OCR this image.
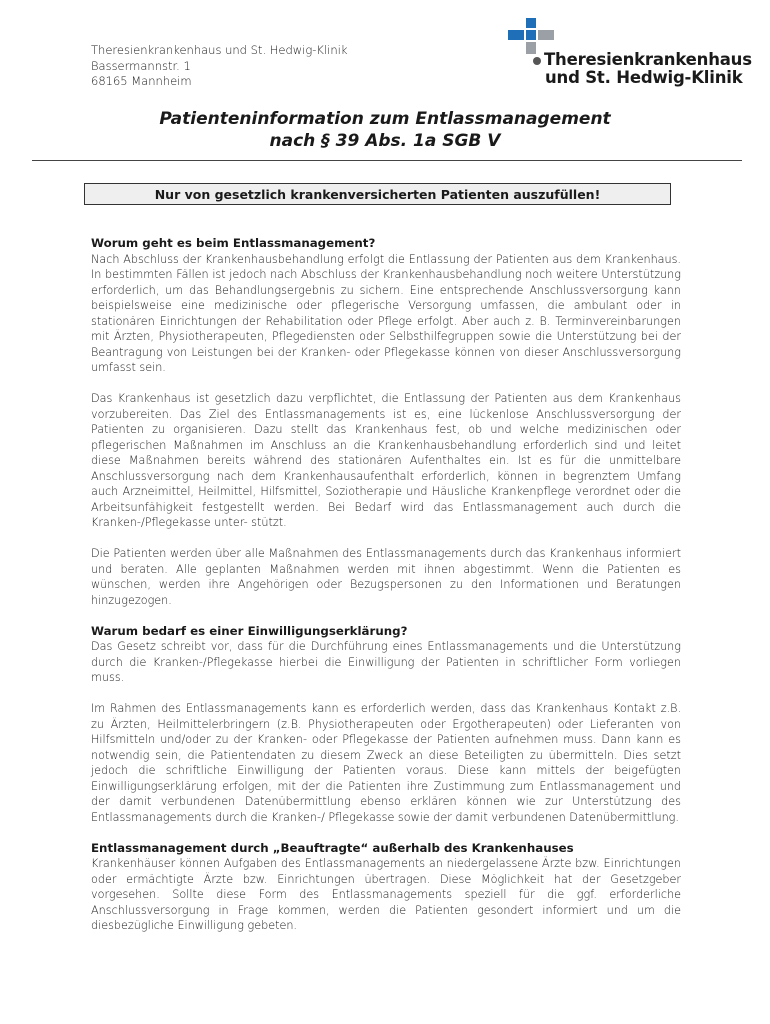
Theresienkrankenhaus und St. Hedwig-Klinik
Bassermannstr. 1
68165 Mannheim
Theresienkrankenhaus
und St. Hedwig-Klinik
Patienteninformation zum Entlassmanagement
nach § 39 Abs. 1a SGB V
Nur von gesetzlich krankenversicherten Patienten auszufüllen!
Worum geht es beim Entlassmanagement?

Nach Abschluss der Krankenhausbehandlung erfolgt die Entlassung der Patienten aus dem Krankenhaus. In bestimmten Fällen ist jedoch nach Abschluss der Krankenhausbehandlung noch weitere Unterstützung erforderlich, um das Behandlungsergebnis zu sichern. Eine entsprechende Anschlussversorgung kann beispielsweise eine medizinische oder pflegerische Versorgung umfassen, die ambulant oder in stationären Einrichtungen der Rehabilitation oder Pflege erfolgt. Aber auch z. B. Terminvereinbarungen mit Ärzten, Physiotherapeuten, Pflegediensten oder Selbsthilfegruppen sowie die Unterstützung bei der Beantragung von Leistungen bei der Kranken- oder Pflegekasse können von dieser Anschlussversorgung umfasst sein.

Das Krankenhaus ist gesetzlich dazu verpflichtet, die Entlassung der Patienten aus dem Krankenhaus vorzubereiten. Das Ziel des Entlassmanagements ist es, eine lückenlose Anschlussversorgung der Patienten zu organisieren. Dazu stellt das Krankenhaus fest, ob und welche medizinischen oder pflegerischen Maßnahmen im Anschluss an die Krankenhausbehandlung erforderlich sind und leitet diese Maßnahmen bereits während des stationären Aufenthaltes ein. Ist es für die unmittelbare Anschlussversorgung nach dem Krankenhausaufenthalt erforderlich, können in begrenztem Umfang auch Arzneimittel, Heilmittel, Hilfsmittel, Soziotherapie und Häusliche Krankenpflege verordnet oder die Arbeitsunfähigkeit festgestellt werden. Bei Bedarf wird das Entlassmanagement auch durch die Kranken-/Pflegekasse unter- stützt.

Die Patienten werden über alle Maßnahmen des Entlassmanagements durch das Krankenhaus informiert und beraten. Alle geplanten Maßnahmen werden mit ihnen abgestimmt. Wenn die Patienten es wünschen, werden ihre Angehörigen oder Bezugspersonen zu den Informationen und Beratungen hinzugezogen.

Warum bedarf es einer Einwilligungserklärung?

Das Gesetz schreibt vor, dass für die Durchführung eines Entlassmanagements und die Unterstützung durch die Kranken-/Pflegekasse hierbei die Einwilligung der Patienten in schriftlicher Form vorliegen muss.

Im Rahmen des Entlassmanagements kann es erforderlich werden, dass das Krankenhaus Kontakt z.B. zu Ärzten, Heilmittelerbringern (z.B. Physiotherapeuten oder Ergotherapeuten) oder Lieferanten von Hilfsmitteln und/oder zu der Kranken- oder Pflegekasse der Patienten aufnehmen muss. Dann kann es notwendig sein, die Patientendaten zu diesem Zweck an diese Beteiligten zu übermitteln. Dies setzt jedoch die schriftliche Einwilligung der Patienten voraus. Diese kann mittels der beigefügten Einwilligungserklärung erfolgen, mit der die Patienten ihre Zustimmung zum Entlassmanagement und der damit verbundenen Datenübermittlung ebenso erklären können wie zur Unterstützung des Entlassmanagements durch die Kranken-/ Pflegekasse sowie der damit verbundenen Datenübermittlung.

Entlassmanagement durch „Beauftragte“ außerhalb des Krankenhauses

Krankenhäuser können Aufgaben des Entlassmanagements an niedergelassene Ärzte bzw. Einrichtungen oder ermächtigte Ärzte bzw. Einrichtungen übertragen. Diese Möglichkeit hat der Gesetzgeber vorgesehen. Sollte diese Form des Entlassmanagements speziell für die ggf. erforderliche Anschlussversorgung in Frage kommen, werden die Patienten gesondert informiert und um die diesbezügliche Einwilligung gebeten.
